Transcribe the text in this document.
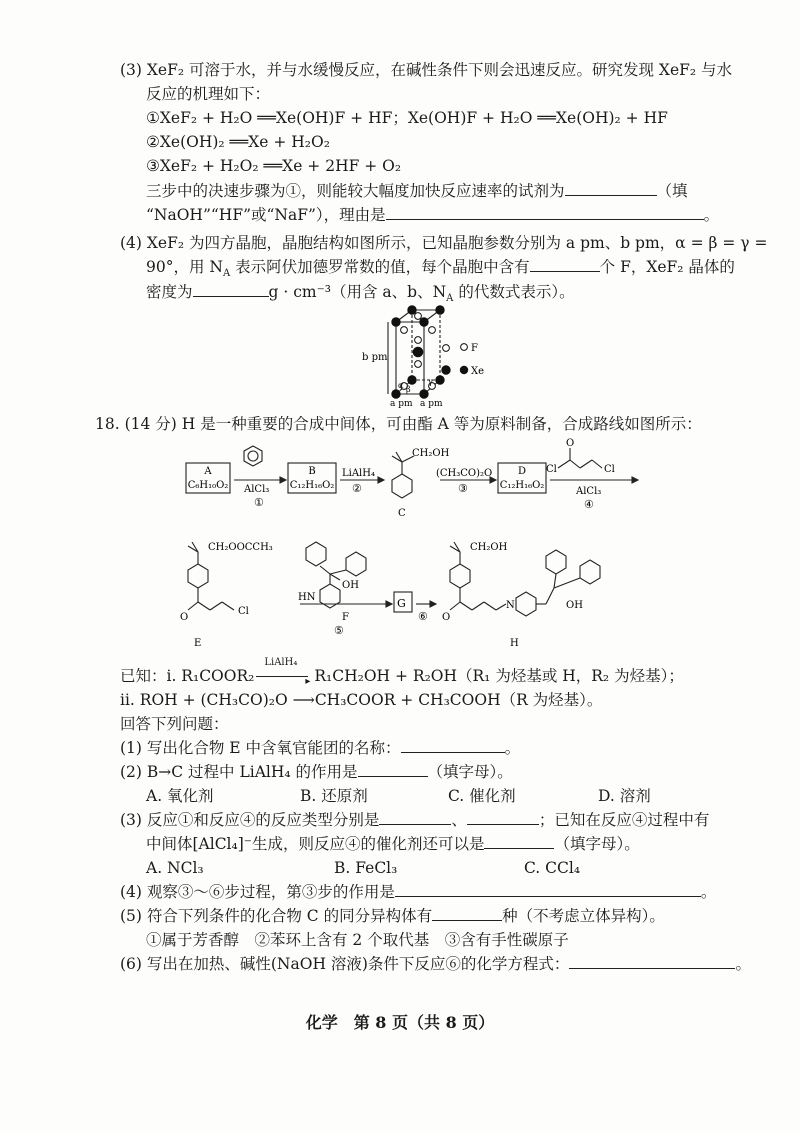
(3) XeF₂ 可溶于水，并与水缓慢反应，在碱性条件下则会迅速反应。研究发现 XeF₂ 与水
反应的机理如下：
①XeF₂ + H₂O ══Xe(OH)F + HF；Xe(OH)F + H₂O ══Xe(OH)₂ + HF
②Xe(OH)₂ ══Xe + H₂O₂
③XeF₂ + H₂O₂ ══Xe + 2HF + O₂
三步中的决速步骤为①，则能较大幅度加快反应速率的试剂为	（填
“NaOH”“HF”或“NaF”），理由是	。
(4) XeF₂ 为四方晶胞，晶胞结构如图所示，已知晶胞参数分别为 a pm、b pm，α = β = γ =
90°，用 $N_A$ 表示阿伏加德罗常数的值，每个晶胞中含有	个 F，XeF₂ 晶体的
密度为	g · cm⁻³（用含 a、b、$N_A$ 的代数式表示）。
b pm
a pm a pm
α β
γ
F
Xe
18. (14 分) H 是一种重要的合成中间体，可由酯 A 等为原料制备，合成路线如图所示：
A
C₆H₁₀O₂ AlCl₃
①
B
C₁₂H₁₆O₂
LiAlH₄
②
CH₂OH
C
(CH₃CO)₂O
③
D
C₁₂H₁₆O₂
O
Cl	Cl
AlCl₃
④
CH₂OOCCH₃
Cl
O
E
HN
OH
F
⑤
G
⑥
CH₂OH
O
N	OH
H
已知：ⅰ. R₁COOR₂
LiAlH₄
▸ R₁CH₂OH + R₂OH（R₁ 为烃基或 H，R₂ 为烃基）；
ⅱ. ROH + (CH₃CO)₂O ⟶CH₃COOR + CH₃COOH（R 为烃基）。
回答下列问题：
(1) 写出化合物 E 中含氧官能团的名称：	。
(2) B→C 过程中 LiAlH₄ 的作用是	（填字母）。
A. 氧化剂	B. 还原剂	C. 催化剂	D. 溶剂
(3) 反应①和反应④的反应类型分别是	、	；已知在反应④过程中有
中间体[AlCl₄]⁻生成，则反应④的催化剂还可以是	（填字母）。
A. NCl₃	B. FeCl₃	C. CCl₄
(4) 观察③～⑥步过程，第③步的作用是	。
(5) 符合下列条件的化合物 C 的同分异构体有	种（不考虑立体异构）。
①属于芳香醇　②苯环上含有 2 个取代基　③含有手性碳原子
(6) 写出在加热、碱性(NaOH 溶液)条件下反应⑥的化学方程式：	。
化学　第 8 页（共 8 页）
